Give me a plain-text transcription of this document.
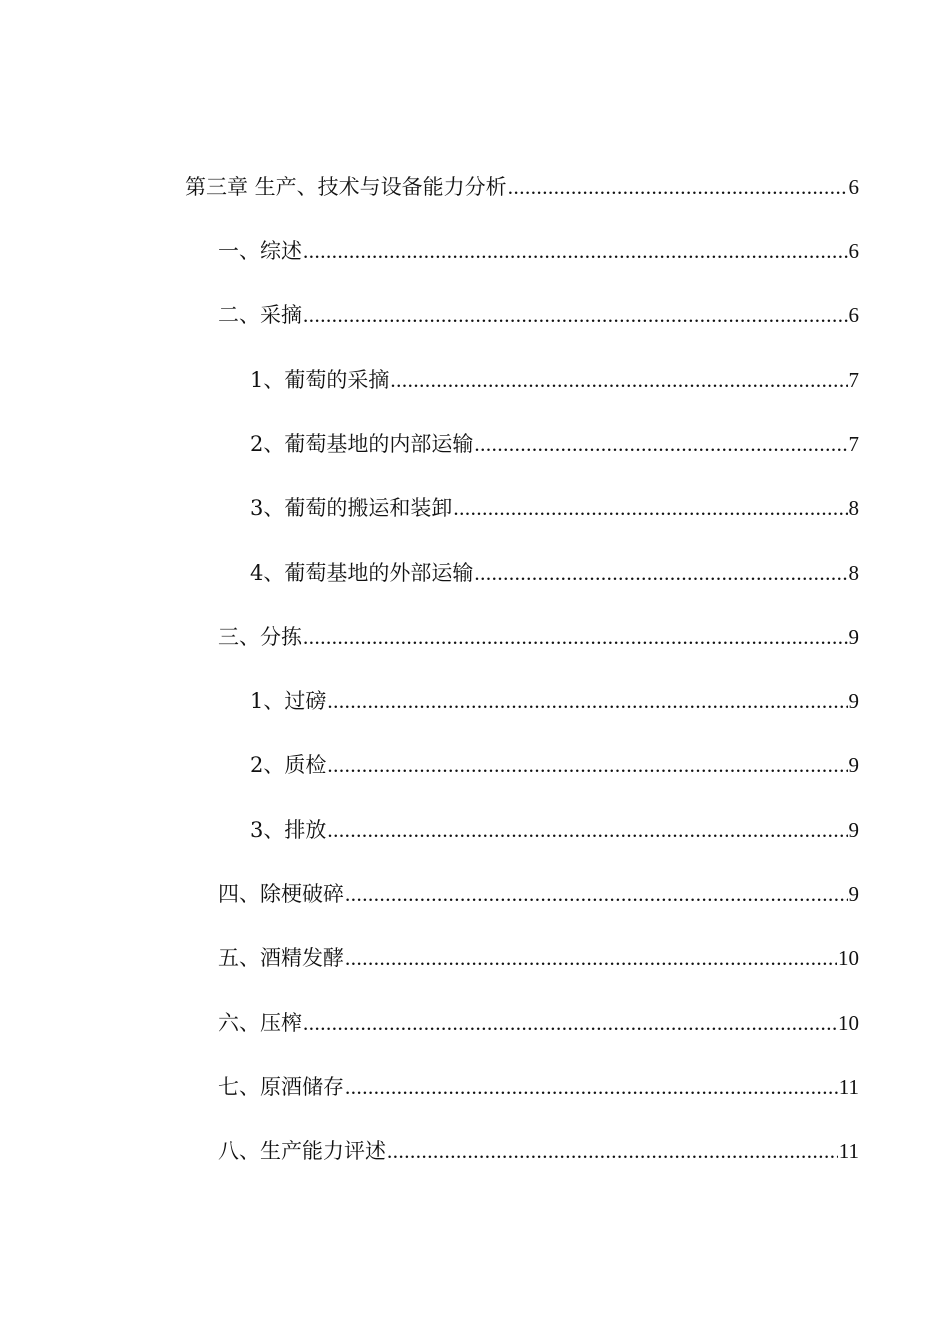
第三章 生产、技术与设备能力分析 .....	6
一、综述 .....	6
二、采摘 .....	6
1、葡萄的采摘 .....	7
2、葡萄基地的内部运输 .....	7
3、葡萄的搬运和装卸 .....	8
4、葡萄基地的外部运输 .....	8
三、分拣 .....	9
1、过磅 .....	9
2、质检 .....	9
3、排放 .....	9
四、除梗破碎 .....	9
五、酒精发酵 .....	10
六、压榨 .....	10
七、原酒储存 .....	11
八、生产能力评述 .....	11
